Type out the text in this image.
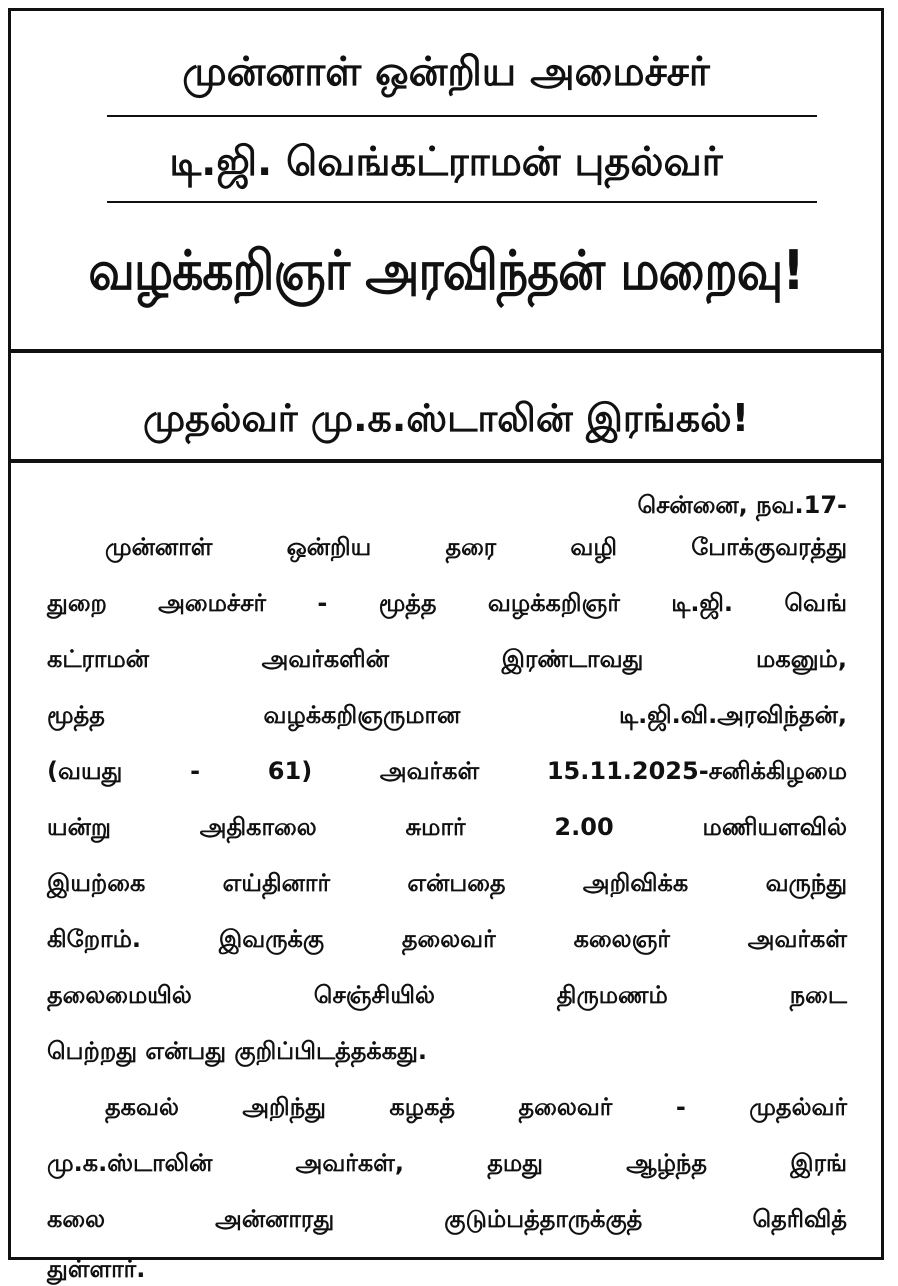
முன்னாள் ஒன்றிய அமைச்சர்
டி.ஜி. வெங்கட்ராமன் புதல்வர்
வழக்கறிஞர் அரவிந்தன் மறைவு!
முதல்வர் மு.க.ஸ்டாலின் இரங்கல்!
சென்னை, நவ.17-
முன்னாள் ஒன்றிய தரை வழி போக்குவரத்து
துறை அமைச்சர் - மூத்த வழக்கறிஞர் டி.ஜி. வெங்
கட்ராமன் அவர்களின் இரண்டாவது மகனும்,
மூத்த வழக்கறிஞருமான டி.ஜி.வி.அரவிந்தன்,
(வயது - 61) அவர்கள் 15.11.2025-சனிக்கிழமை
யன்று அதிகாலை சுமார் 2.00 மணியளவில்
இயற்கை எய்தினார் என்பதை அறிவிக்க வருந்து
கிறோம். இவருக்கு தலைவர் கலைஞர் அவர்கள்
தலைமையில் செஞ்சியில் திருமணம் நடை
பெற்றது என்பது குறிப்பிடத்தக்கது.
தகவல் அறிந்து கழகத் தலைவர் - முதல்வர்
மு.க.ஸ்டாலின் அவர்கள், தமது ஆழ்ந்த இரங்
கலை அன்னாரது குடும்பத்தாருக்குத் தெரிவித்
துள்ளார்.
